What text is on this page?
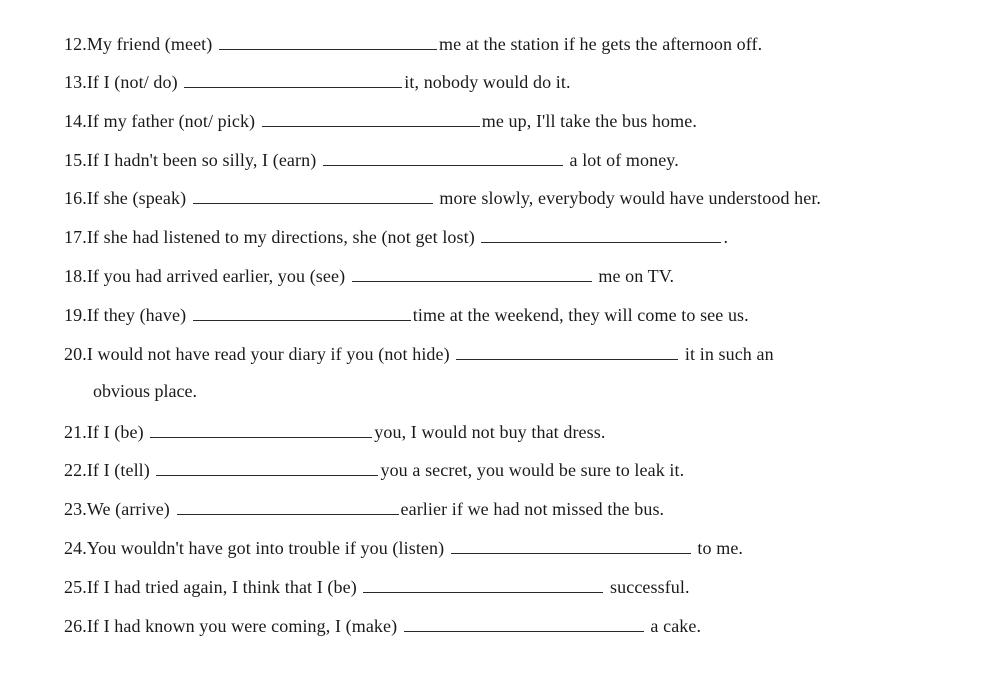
12.My friend (meet)	me at the station if he gets the afternoon off.
13.If I (not/ do)	it, nobody would do it.
14.If my father (not/ pick)	me up, I'll take the bus home.
15.If I hadn't been so silly, I (earn)	a lot of money.
16.If she (speak)	more slowly, everybody would have understood her.
17.If she had listened to my directions, she (not get lost)	.
18.If you had arrived earlier, you (see)	me on TV.
19.If they (have)	time at the weekend, they will come to see us.
20.I would not have read your diary if you (not hide)	it in such an
obvious place.
21.If I (be)	you, I would not buy that dress.
22.If I (tell)	you a secret, you would be sure to leak it.
23.We (arrive)	earlier if we had not missed the bus.
24.You wouldn't have got into trouble if you (listen)	to me.
25.If I had tried again, I think that I (be)	successful.
26.If I had known you were coming, I (make)	a cake.
